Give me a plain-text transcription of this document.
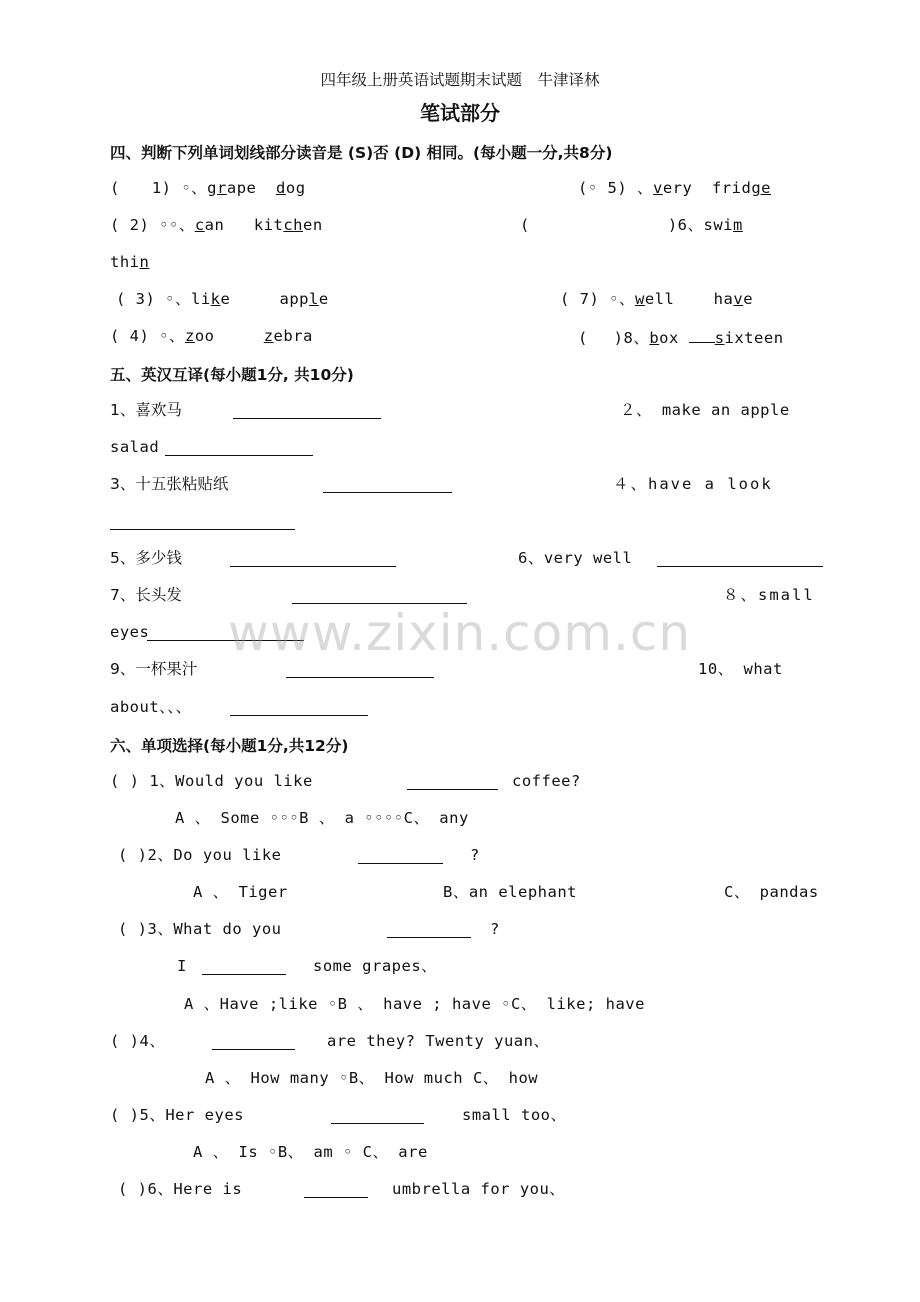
四年级上册英语试题期末试题　牛津译林
笔试部分
四、判断下列单词划线部分读音是 (S)否 (D) 相同。(每小题一分,共8分)
(　　1) ◦、grape dog	(◦ 5) 、very fridge
( 2) ◦◦、can kitchen	(	)6、swim
thin
( 3) ◦、like	apple	( 7) ◦、well	have
( 4) ◦、zoo	zebra	(　 )8、box sixteen
五、英汉互译(每小题1分, 共10分)
1、喜欢马	２、 make an apple
salad
3、十五张粘贴纸	４、have a look
5、多少钱	6、very well
7、长头发	８、small
eyes
9、一杯果汁	10、 what
about、、、
www.zixin.com.cn
六、单项选择(每小题1分,共12分)
( ) 1、Would you like	coffee?
A 、 Some ◦◦◦B 、 a ◦◦◦◦C、 any
( )2、Do you like	?
A 、 Tiger	B、an elephant	C、 pandas
( )3、What do you	?
I	some grapes、
A 、Have ;like ◦B 、 have ; have ◦C、 like; have
( )4、	are they? Twenty yuan、
A 、 How many ◦B、 How much C、 how
( )5、Her eyes	small too、
A 、 Is ◦B、 am ◦ C、 are
( )6、Here is	umbrella for you、
